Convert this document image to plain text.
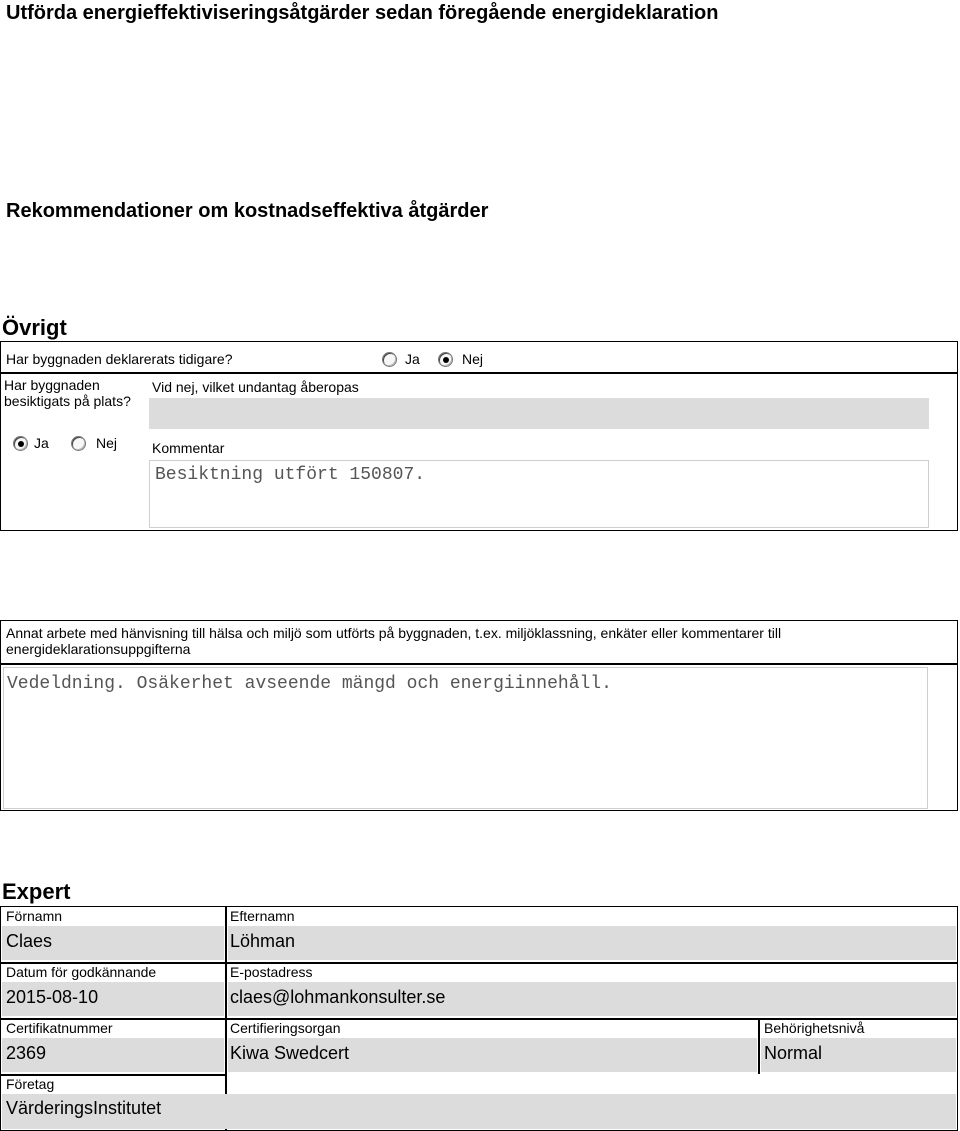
Utförda energieffektiviseringsåtgärder sedan föregående energideklaration
Rekommendationer om kostnadseffektiva åtgärder
Övrigt
Har byggnaden deklarerats tidigare?	Ja	Nej
Har byggnaden besiktigats på plats?
Ja	Nej
Vid nej, vilket undantag åberopas
Kommentar
Besiktning utfört 150807.
Annat arbete med hänvisning till hälsa och miljö som utförts på byggnaden, t.ex. miljöklassning, enkäter eller kommentarer till energideklarationsuppgifterna
Vedeldning. Osäkerhet avseende mängd och energiinnehåll.
Expert
Förnamn
Claes
Efternamn
Löhman
Datum för godkännande
2015-08-10
E-postadress
claes@lohmankonsulter.se
Certifikatnummer
2369
Certifieringsorgan
Kiwa Swedcert
Behörighetsnivå
Normal
Företag
VärderingsInstitutet
